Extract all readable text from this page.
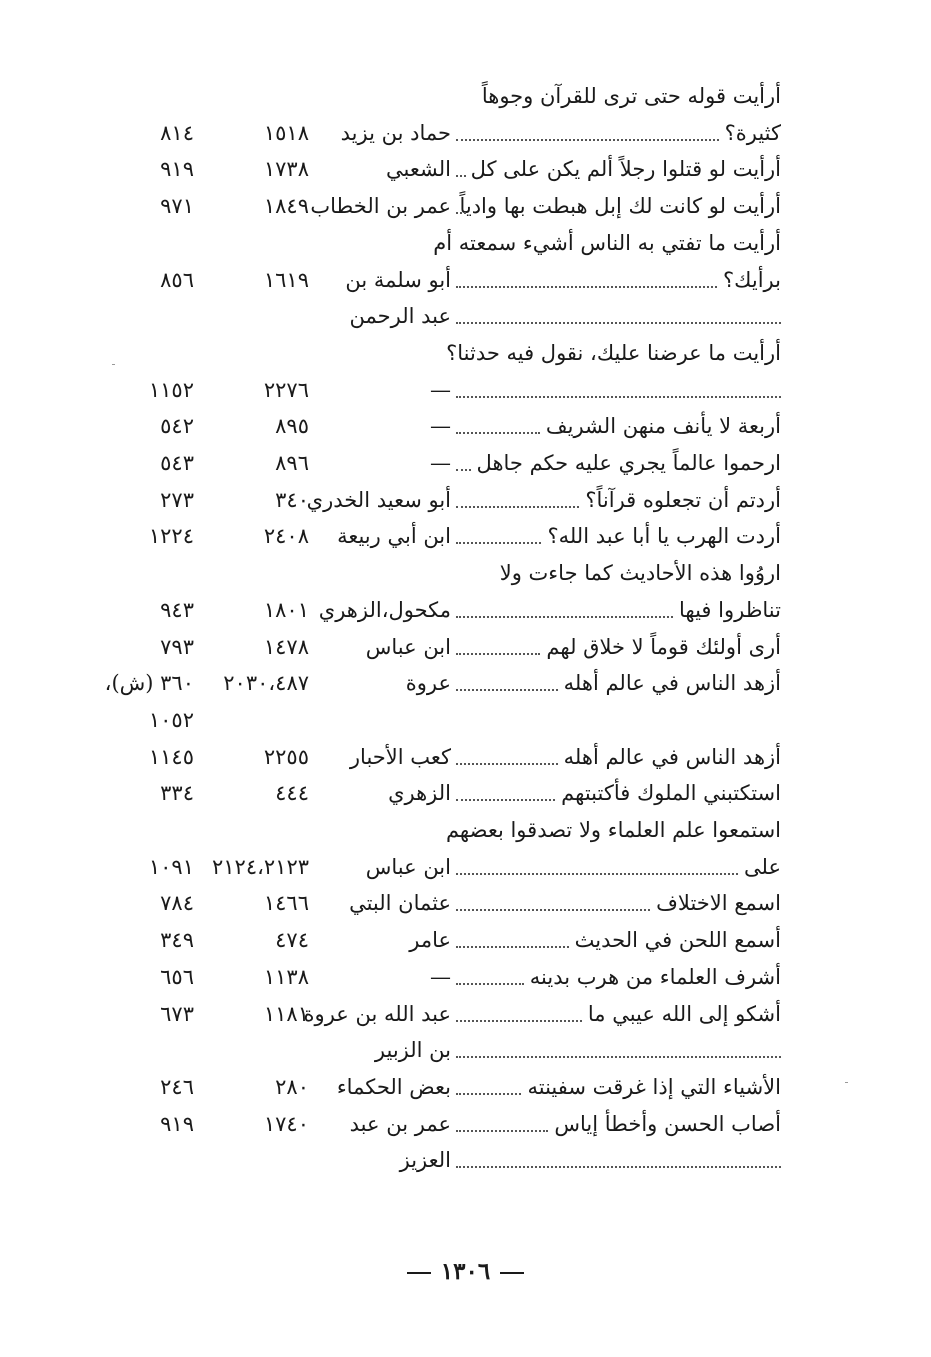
أرأيت قوله حتى ترى للقرآن وجوهاً
كثيرة؟
حماد بن يزيد
١٥١٨
٨١٤
أرأيت لو قتلوا رجلاً ألم يكن على كل
الشعبي
١٧٣٨
٩١٩
أرأيت لو كانت لك إبل هبطت بها وادياً
عمر بن الخطاب
١٨٤٩
٩٧١
أرأيت ما تفتي به الناس أشيء سمعته أم
برأيك؟
أبو سلمة بن
١٦١٩
٨٥٦
عبد الرحمن
أرأيت ما عرضنا عليك، نقول فيه حدثنا؟
—
٢٢٧٦
١١٥٢
أربعة لا يأنف منهن الشريف
—
٨٩٥
٥٤٢
ارحموا عالماً يجري عليه حكم جاهل
—
٨٩٦
٥٤٣
أردتم أن تجعلوه قرآناً؟
أبو سعيد الخدري
٣٤٠
٢٧٣
أردت الهرب يا أبا عبد الله؟
ابن أبي ربيعة
٢٤٠٨
١٢٢٤
اروُوا هذه الأحاديث كما جاءت ولا
تناظروا فيها
مكحول،الزهري
١٨٠١
٩٤٣
أرى أولئك قوماً لا خلاق لهم
ابن عباس
١٤٧٨
٧٩٣
أزهد الناس في عالم أهله
عروة
٢٠٣٠،٤٨٧
٣٦٠ (ش)،
١٠٥٢
أزهد الناس في عالم أهله
كعب الأحبار
٢٢٥٥
١١٤٥
استكتبني الملوك فأكتبتهم
الزهري
٤٤٤
٣٣٤
استمعوا علم العلماء ولا تصدقوا بعضهم
على
ابن عباس
٢١٢٤،٢١٢٣
١٠٩١
اسمع الاختلاف
عثمان البتي
١٤٦٦
٧٨٤
أسمع اللحن في الحديث
عامر
٤٧٤
٣٤٩
أشرف العلماء من هرب بدينه
—
١١٣٨
٦٥٦
أشكو إلى الله عيبي ما
عبد الله بن عروة
١١٨١
٦٧٣
بن الزبير
الأشياء التي إذا غرقت سفينته
بعض الحكماء
٢٨٠
٢٤٦
أصاب الحسن وأخطأ إياس
عمر بن عبد
١٧٤٠
٩١٩
العزيز
١٣٠٦
